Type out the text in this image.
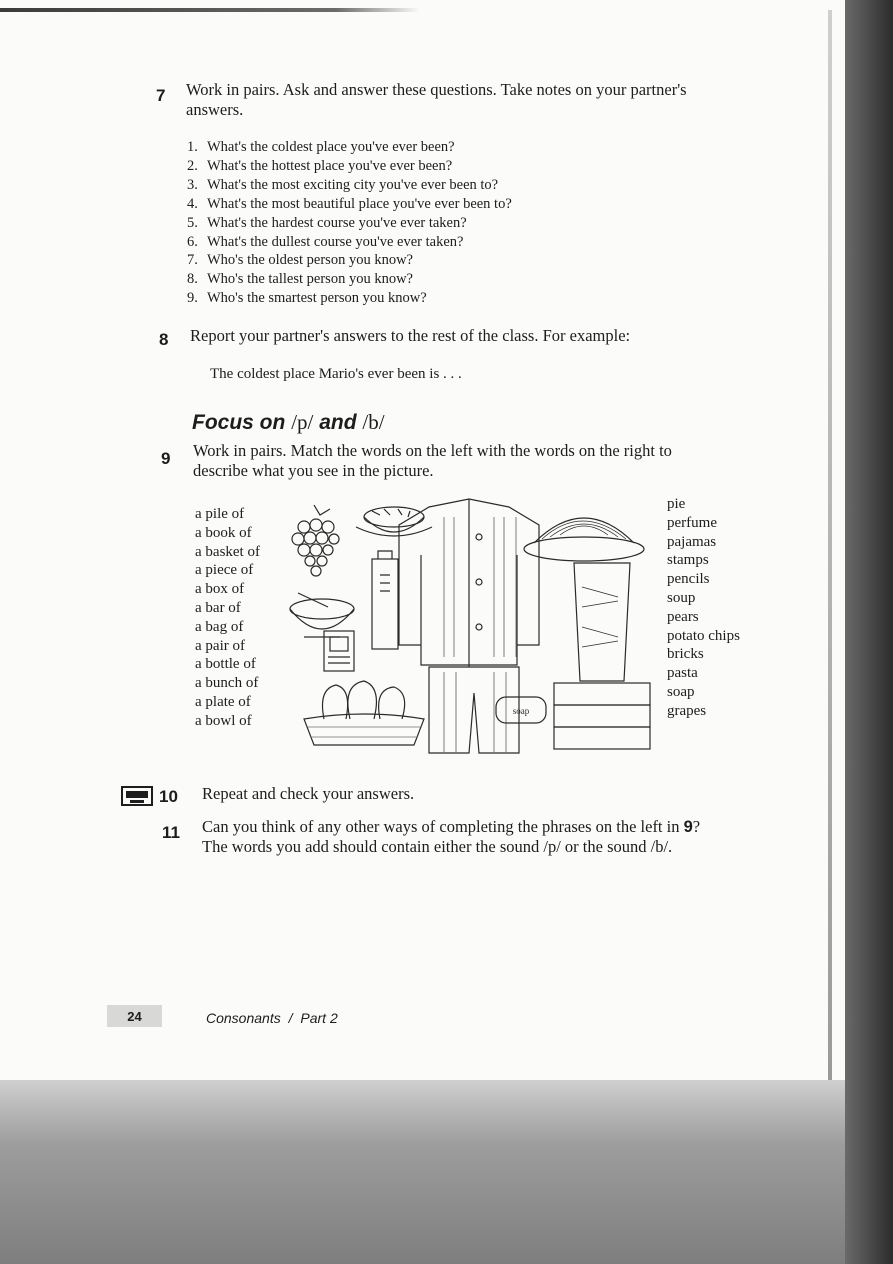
7 Work in pairs. Ask and answer these questions. Take notes on your partner's
answers.
1. What's the coldest place you've ever been?
2. What's the hottest place you've ever been?
3. What's the most exciting city you've ever been to?
4. What's the most beautiful place you've ever been to?
5. What's the hardest course you've ever taken?
6. What's the dullest course you've ever taken?
7. Who's the oldest person you know?
8. Who's the tallest person you know?
9. Who's the smartest person you know?
8 Report your partner's answers to the rest of the class. For example:
The coldest place Mario's ever been is . . .
Focus on /p/ and /b/
9 Work in pairs. Match the words on the left with the words on the right to
describe what you see in the picture.
a pile of
a book of
a basket of
a piece of
a box of
a bar of
a bag of
a pair of
a bottle of
a bunch of
a plate of
a bowl of
soap
pie
perfume
pajamas
stamps
pencils
soup
pears
potato chips
bricks
pasta
soap
grapes
10 Repeat and check your answers.
11 Can you think of any other ways of completing the phrases on the left in 9?
The words you add should contain either the sound /p/ or the sound /b/.
24	Consonants / Part 2
